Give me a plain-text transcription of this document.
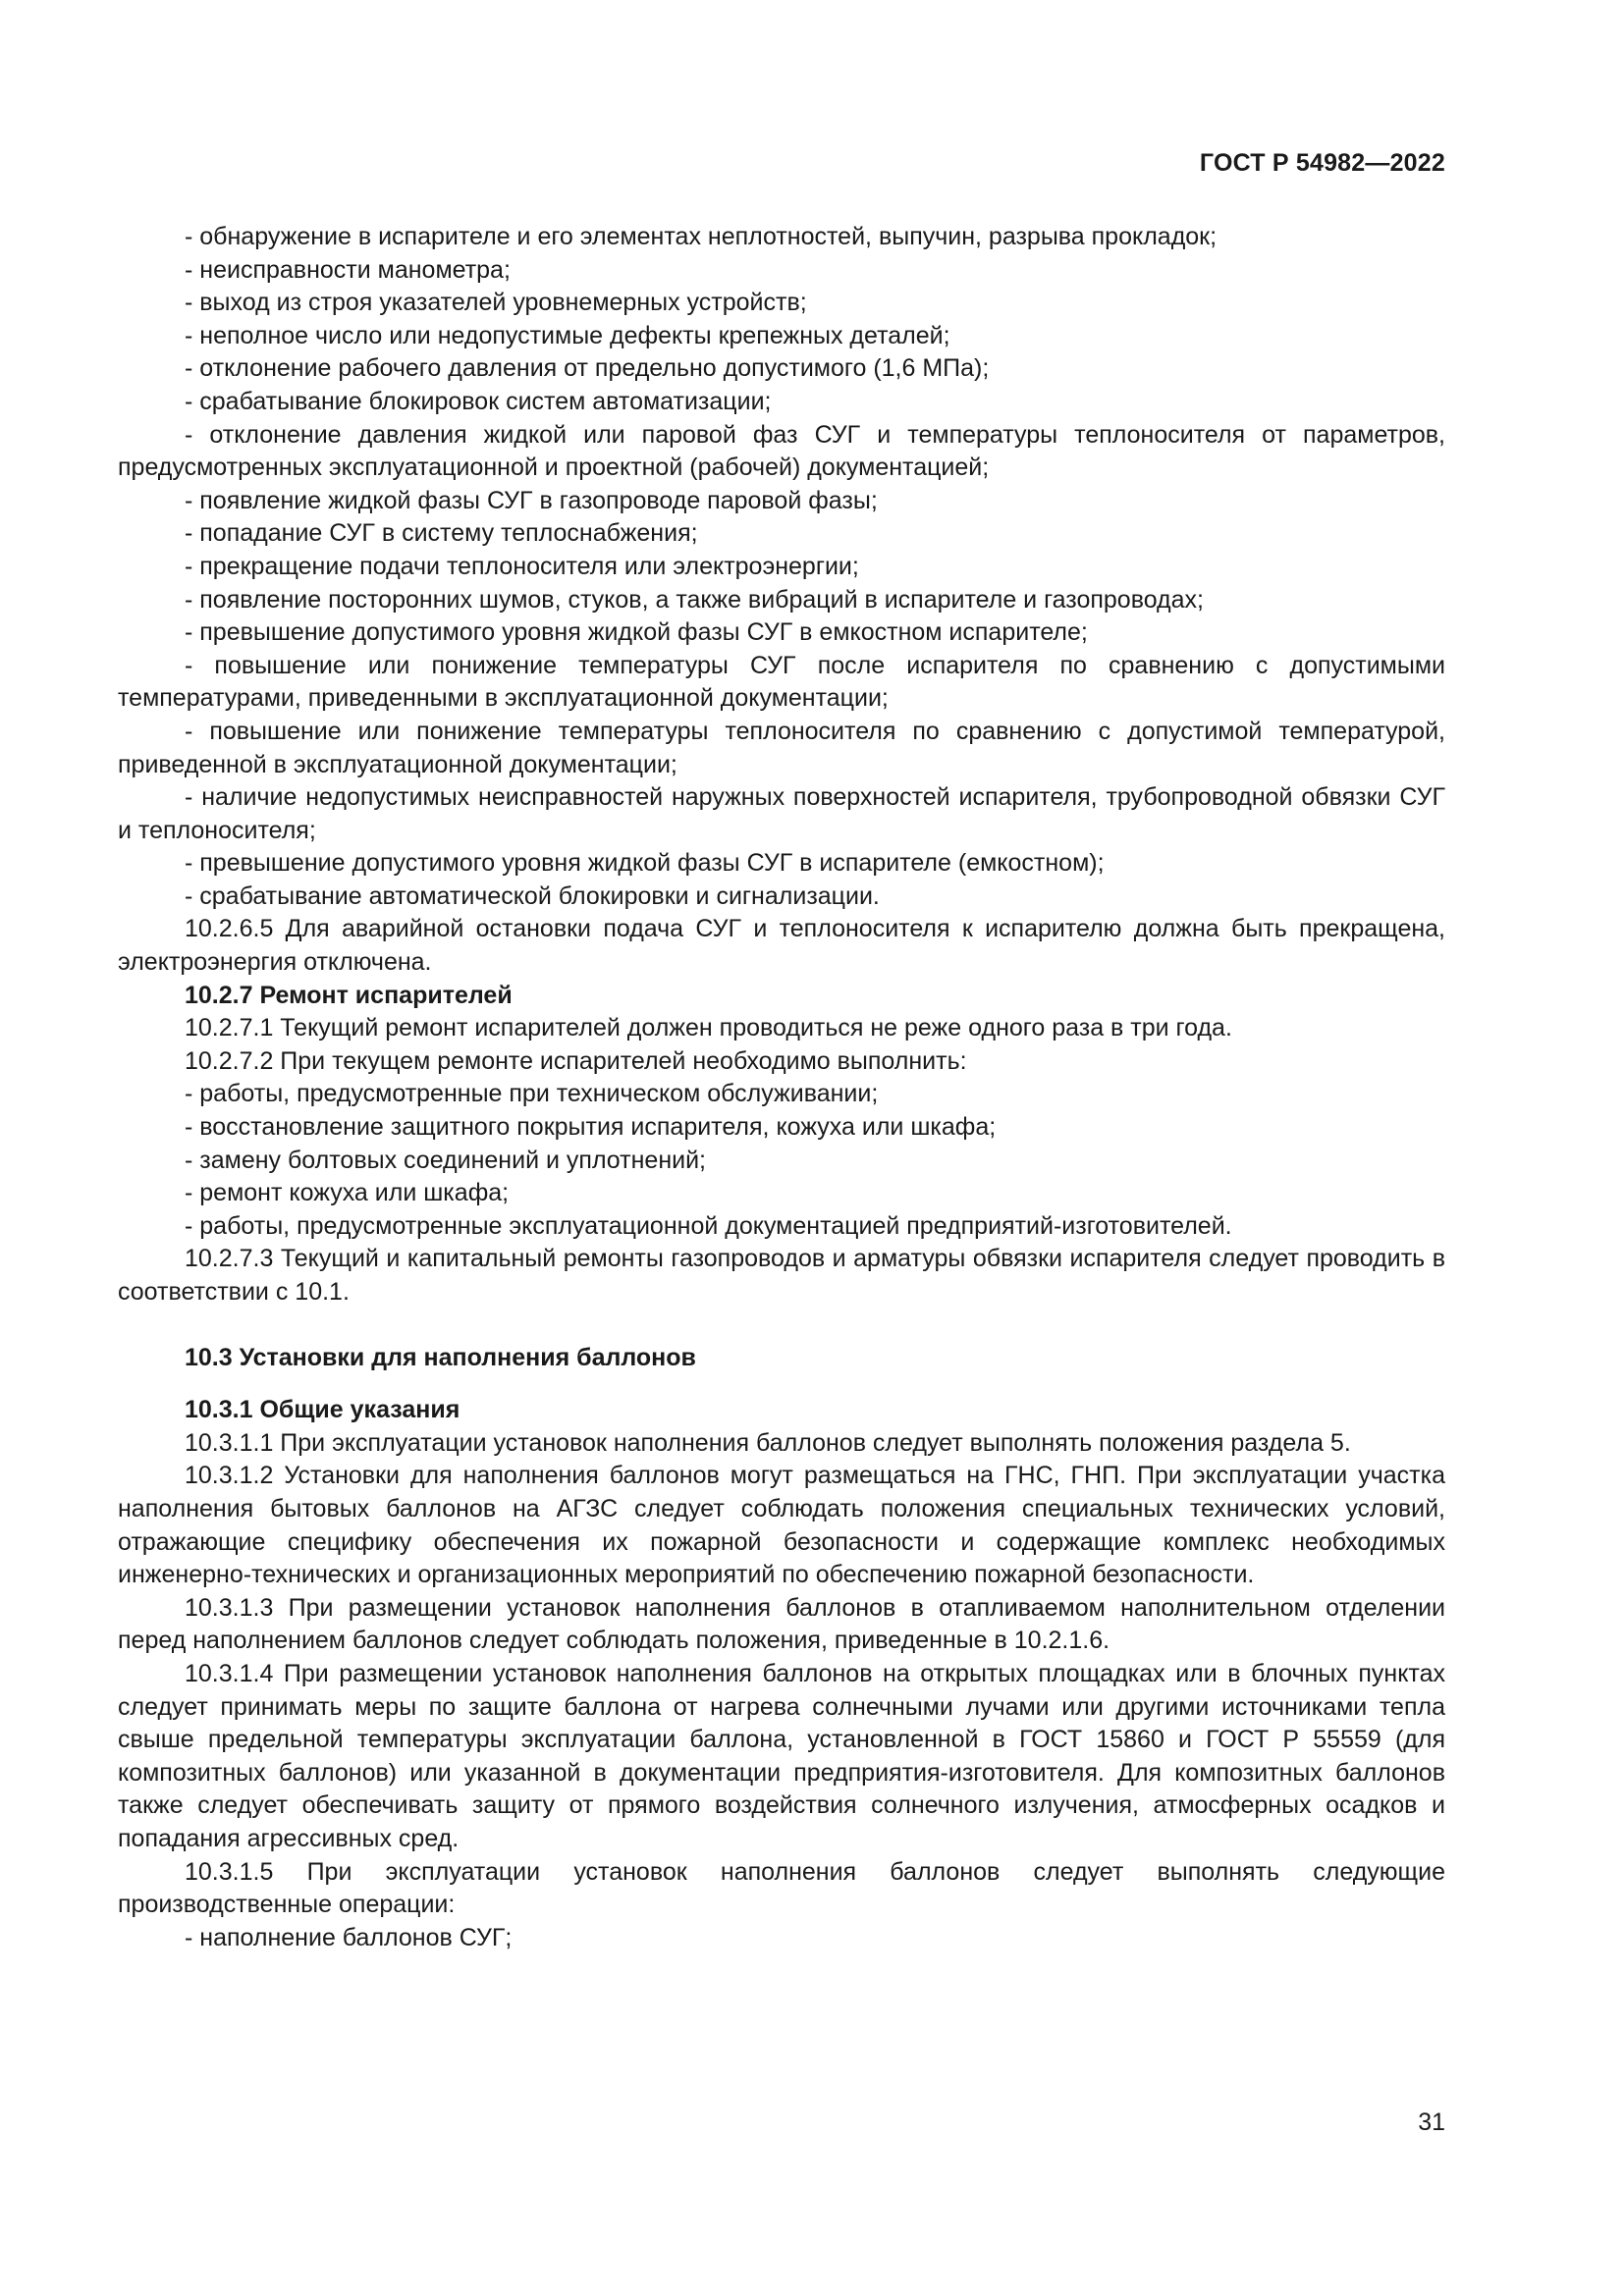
ГОСТ Р 54982—2022

- обнаружение в испарителе и его элементах неплотностей, выпучин, разрыва прокладок;

- неисправности манометра;

- выход из строя указателей уровнемерных устройств;

- неполное число или недопустимые дефекты крепежных деталей;

- отклонение рабочего давления от предельно допустимого (1,6 МПа);

- срабатывание блокировок систем автоматизации;

- отклонение давления жидкой или паровой фаз СУГ и температуры теплоносителя от параметров, предусмотренных эксплуатационной и проектной (рабочей) документацией;

- появление жидкой фазы СУГ в газопроводе паровой фазы;

- попадание СУГ в систему теплоснабжения;

- прекращение подачи теплоносителя или электроэнергии;

- появление посторонних шумов, стуков, а также вибраций в испарителе и газопроводах;

- превышение допустимого уровня жидкой фазы СУГ в емкостном испарителе;

- повышение или понижение температуры СУГ после испарителя по сравнению с допустимыми температурами, приведенными в эксплуатационной документации;

- повышение или понижение температуры теплоносителя по сравнению с допустимой температурой, приведенной в эксплуатационной документации;

- наличие недопустимых неисправностей наружных поверхностей испарителя, трубопроводной обвязки СУГ и теплоносителя;

- превышение допустимого уровня жидкой фазы СУГ в испарителе (емкостном);

- срабатывание автоматической блокировки и сигнализации.

10.2.6.5 Для аварийной остановки подача СУГ и теплоносителя к испарителю должна быть прекращена, электроэнергия отключена.

10.2.7 Ремонт испарителей

10.2.7.1 Текущий ремонт испарителей должен проводиться не реже одного раза в три года.

10.2.7.2 При текущем ремонте испарителей необходимо выполнить:

- работы, предусмотренные при техническом обслуживании;

- восстановление защитного покрытия испарителя, кожуха или шкафа;

- замену болтовых соединений и уплотнений;

- ремонт кожуха или шкафа;

- работы, предусмотренные эксплуатационной документацией предприятий-изготовителей.

10.2.7.3 Текущий и капитальный ремонты газопроводов и арматуры обвязки испарителя следует проводить в соответствии с 10.1.

10.3 Установки для наполнения баллонов

10.3.1 Общие указания

10.3.1.1 При эксплуатации установок наполнения баллонов следует выполнять положения раздела 5.

10.3.1.2 Установки для наполнения баллонов могут размещаться на ГНС, ГНП. При эксплуатации участка наполнения бытовых баллонов на АГЗС следует соблюдать положения специальных технических условий, отражающие специфику обеспечения их пожарной безопасности и содержащие комплекс необходимых инженерно-технических и организационных мероприятий по обеспечению пожарной безопасности.

10.3.1.3 При размещении установок наполнения баллонов в отапливаемом наполнительном отделении перед наполнением баллонов следует соблюдать положения, приведенные в 10.2.1.6.

10.3.1.4 При размещении установок наполнения баллонов на открытых площадках или в блочных пунктах следует принимать меры по защите баллона от нагрева солнечными лучами или другими источниками тепла свыше предельной температуры эксплуатации баллона, установленной в ГОСТ 15860 и ГОСТ Р 55559 (для композитных баллонов) или указанной в документации предприятия-изготовителя. Для композитных баллонов также следует обеспечивать защиту от прямого воздействия солнечного излучения, атмосферных осадков и попадания агрессивных сред.

10.3.1.5 При эксплуатации установок наполнения баллонов следует выполнять следующие производственные операции:

- наполнение баллонов СУГ;

31
